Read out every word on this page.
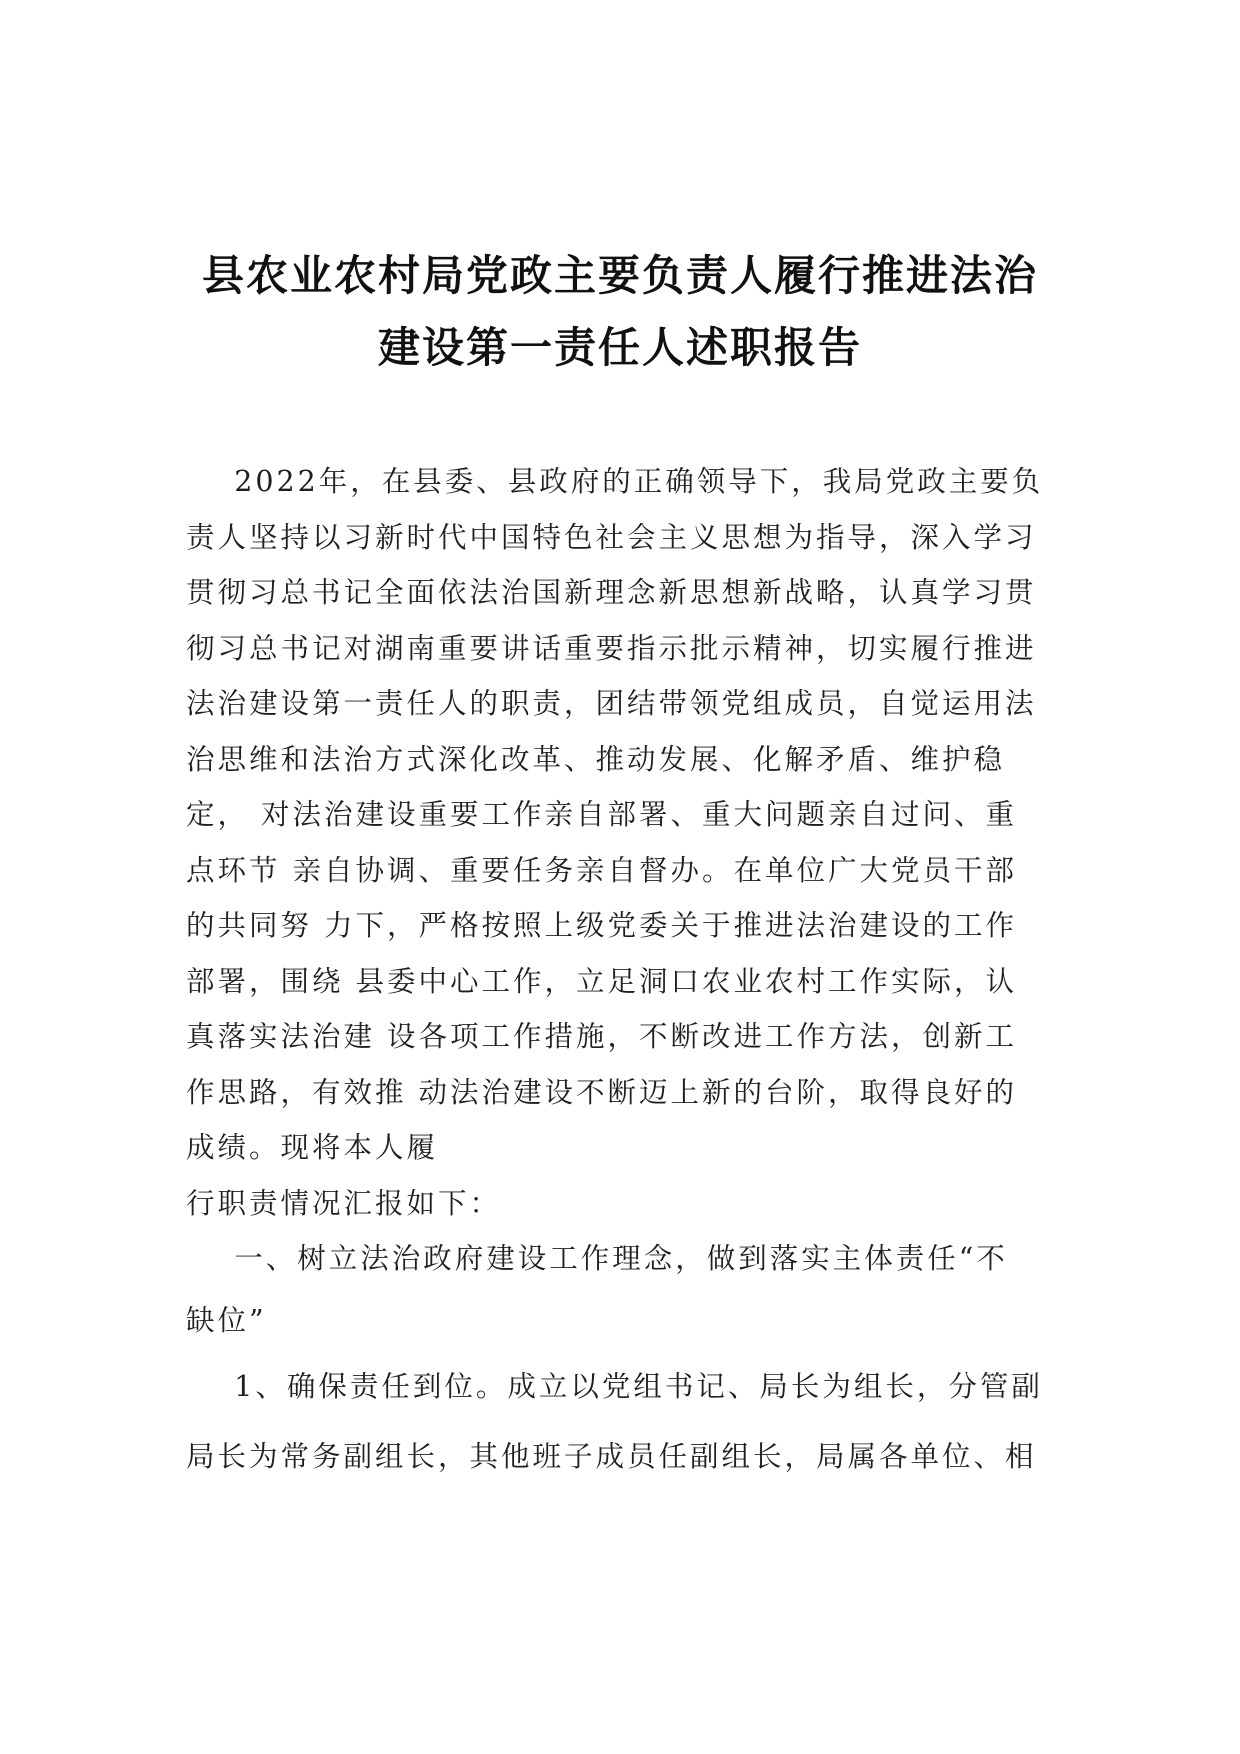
县农业农村局党政主要负责人履行推进法治
建设第一责任人述职报告
2022年，在县委、县政府的正确领导下，我局党政主要负
责人坚持以习新时代中国特色社会主义思想为指导，深入学习
贯彻习总书记全面依法治国新理念新思想新战略，认真学习贯
彻习总书记对湖南重要讲话重要指示批示精神，切实履行推进
法治建设第一责任人的职责，团结带领党组成员，自觉运用法
治思维和法治方式深化改革、推动发展、化解矛盾、维护稳
定， 对法治建设重要工作亲自部署、重大问题亲自过问、重
点环节 亲自协调、重要任务亲自督办。在单位广大党员干部
的共同努 力下，严格按照上级党委关于推进法治建设的工作
部署，围绕 县委中心工作，立足洞口农业农村工作实际，认
真落实法治建 设各项工作措施，不断改进工作方法，创新工
作思路，有效推 动法治建设不断迈上新的台阶，取得良好的
成绩。现将本人履
行职责情况汇报如下：
一、树立法治政府建设工作理念，做到落实主体责任“不
缺位”
1、确保责任到位。成立以党组书记、局长为组长，分管副
局长为常务副组长，其他班子成员任副组长，局属各单位、相
